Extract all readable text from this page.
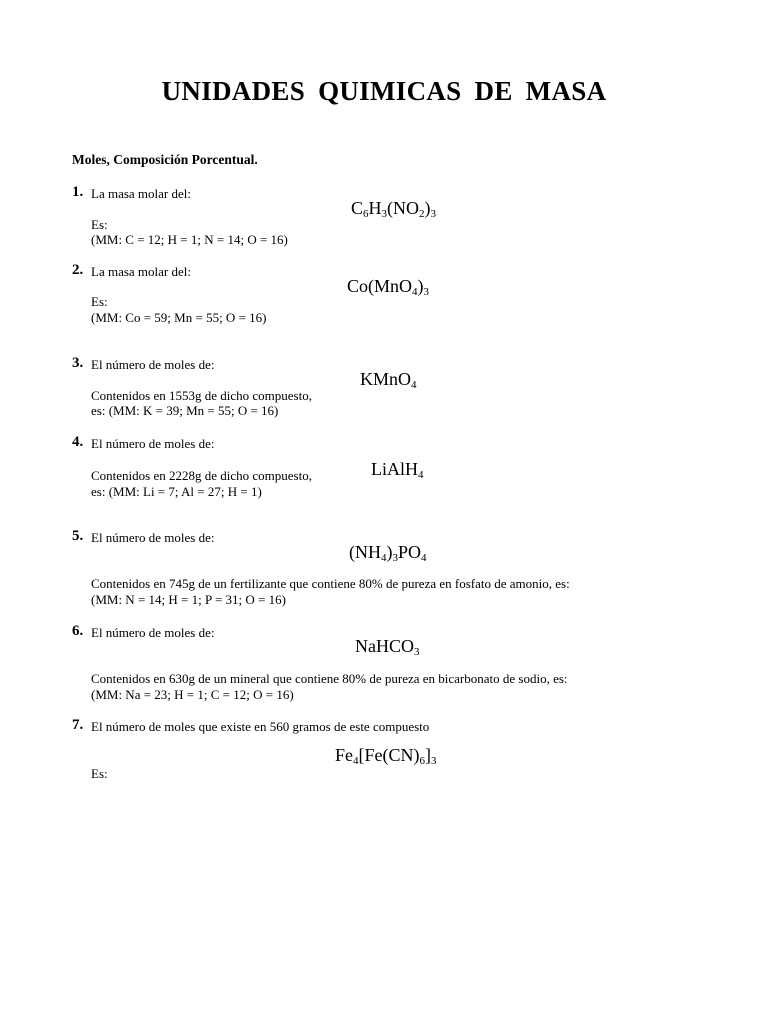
UNIDADES QUIMICAS DE MASA
Moles, Composición Porcentual.
1. La masa molar del:
$C_6H_3(NO_2)_3$
Es:
(MM: C = 12; H = 1; N = 14; O = 16)
2. La masa molar del:
$Co(MnO_4)_3$
Es:
(MM: Co = 59; Mn = 55; O = 16)
3. El número de moles de:
KMnO$_4$
Contenidos en 1553g de dicho compuesto,
es: (MM: K = 39; Mn = 55; O = 16)
4. El número de moles de:
LiAlH$_4$
Contenidos en 2228g de dicho compuesto,
es: (MM: Li = 7; Al = 27; H = 1)
5. El número de moles de:
$(NH_4)_3PO_4$
Contenidos en 745g de un fertilizante que contiene 80% de pureza en fosfato de amonio, es:
(MM: N = 14; H = 1; P = 31; O = 16)
6. El número de moles de:
NaHCO$_3$
Contenidos en 630g de un mineral que contiene 80% de pureza en bicarbonato de sodio, es:
(MM: Na = 23; H = 1; C = 12; O = 16)
7. El número de moles que existe en 560 gramos de este compuesto
$Fe_4[Fe(CN)_6]_3$
Es:
